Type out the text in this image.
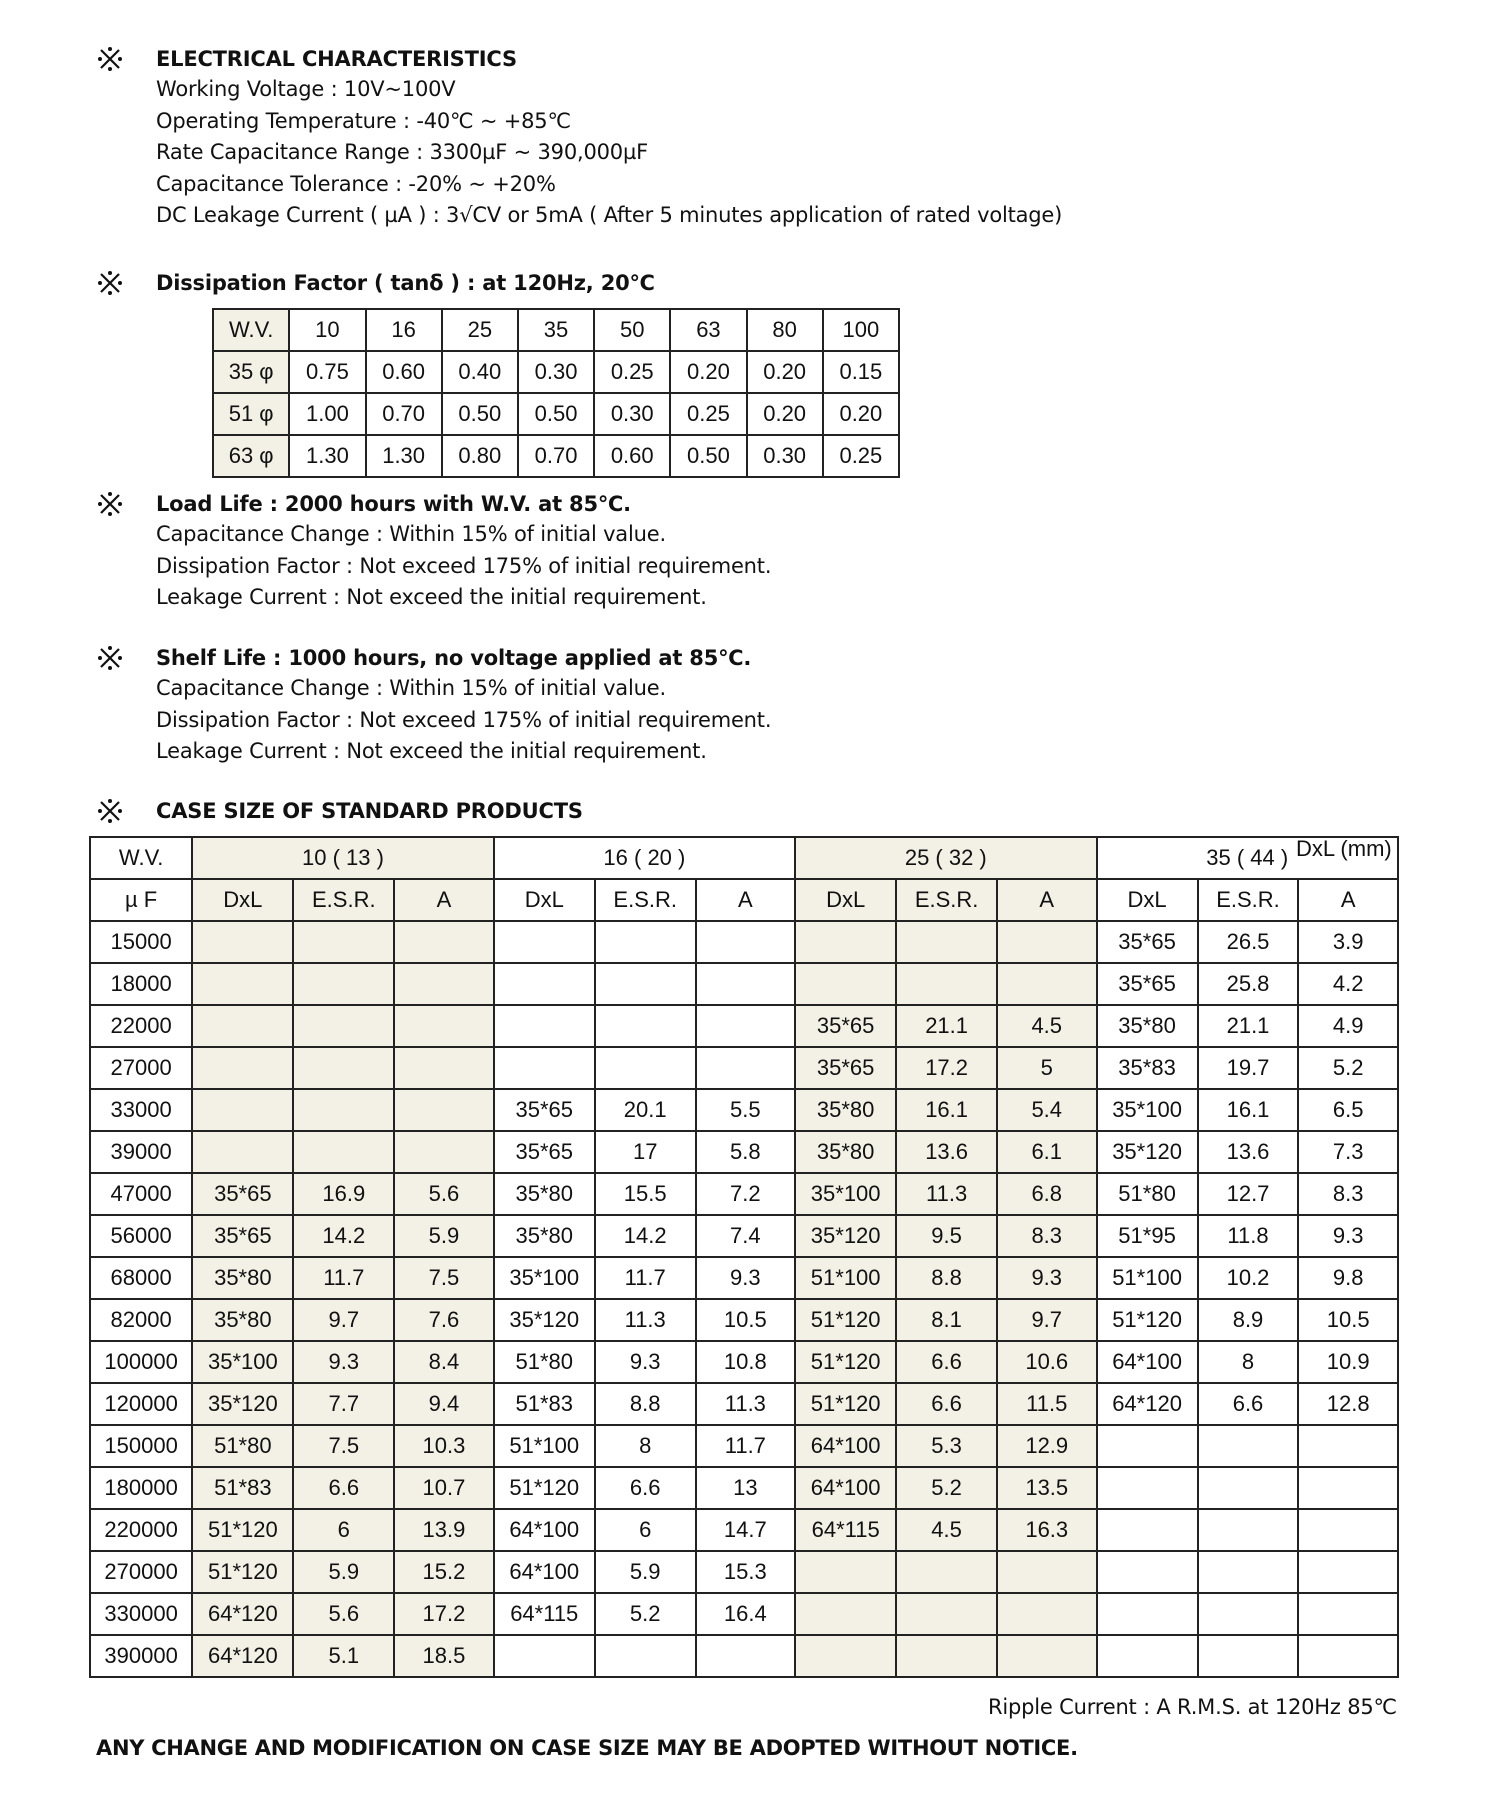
ELECTRICAL CHARACTERISTICS
Working Voltage : 10V~100V
Operating Temperature : -40℃ ~ +85℃
Rate Capacitance Range : 3300µF ~ 390,000µF
Capacitance Tolerance : -20% ~ +20%
DC Leakage Current ( µA ) : 3√CV or 5mA ( After 5 minutes application of rated voltage)
Dissipation Factor ( tanδ ) : at 120Hz, 20℃
W.V.	10	16	25	35	50	63	80	100
35 φ	0.75	0.60	0.40	0.30	0.25	0.20	0.20	0.15
51 φ	1.00	0.70	0.50	0.50	0.30	0.25	0.20	0.20
63 φ	1.30	1.30	0.80	0.70	0.60	0.50	0.30	0.25
Load Life : 2000 hours with W.V. at 85℃.
Capacitance Change : Within 15% of initial value.
Dissipation Factor : Not exceed 175% of initial requirement.
Leakage Current : Not exceed the initial requirement.
Shelf Life : 1000 hours, no voltage applied at 85℃.
Capacitance Change : Within 15% of initial value.
Dissipation Factor : Not exceed 175% of initial requirement.
Leakage Current : Not exceed the initial requirement.
CASE SIZE OF STANDARD PRODUCTS
W.V.	10 ( 13 )			16 ( 20 )			25 ( 32 )			35 ( 44 )		
µ F	DxL	E.S.R.	A	DxL	E.S.R.	A	DxL	E.S.R.	A	DxL	E.S.R.	A
15000										35*65	26.5	3.9
18000										35*65	25.8	4.2
22000							35*65	21.1	4.5	35*80	21.1	4.9
27000							35*65	17.2	5	35*83	19.7	5.2
33000				35*65	20.1	5.5	35*80	16.1	5.4	35*100	16.1	6.5
39000				35*65	17	5.8	35*80	13.6	6.1	35*120	13.6	7.3
47000	35*65	16.9	5.6	35*80	15.5	7.2	35*100	11.3	6.8	51*80	12.7	8.3
56000	35*65	14.2	5.9	35*80	14.2	7.4	35*120	9.5	8.3	51*95	11.8	9.3
68000	35*80	11.7	7.5	35*100	11.7	9.3	51*100	8.8	9.3	51*100	10.2	9.8
82000	35*80	9.7	7.6	35*120	11.3	10.5	51*120	8.1	9.7	51*120	8.9	10.5
100000	35*100	9.3	8.4	51*80	9.3	10.8	51*120	6.6	10.6	64*100	8	10.9
120000	35*120	7.7	9.4	51*83	8.8	11.3	51*120	6.6	11.5	64*120	6.6	12.8
150000	51*80	7.5	10.3	51*100	8	11.7	64*100	5.3	12.9			
180000	51*83	6.6	10.7	51*120	6.6	13	64*100	5.2	13.5			
220000	51*120	6	13.9	64*100	6	14.7	64*115	4.5	16.3			
270000	51*120	5.9	15.2	64*100	5.9	15.3						
330000	64*120	5.6	17.2	64*115	5.2	16.4						
390000	64*120	5.1	18.5									
DxL (mm)
Ripple Current : A R.M.S. at 120Hz 85℃
ANY CHANGE AND MODIFICATION ON CASE SIZE MAY BE ADOPTED WITHOUT NOTICE.
